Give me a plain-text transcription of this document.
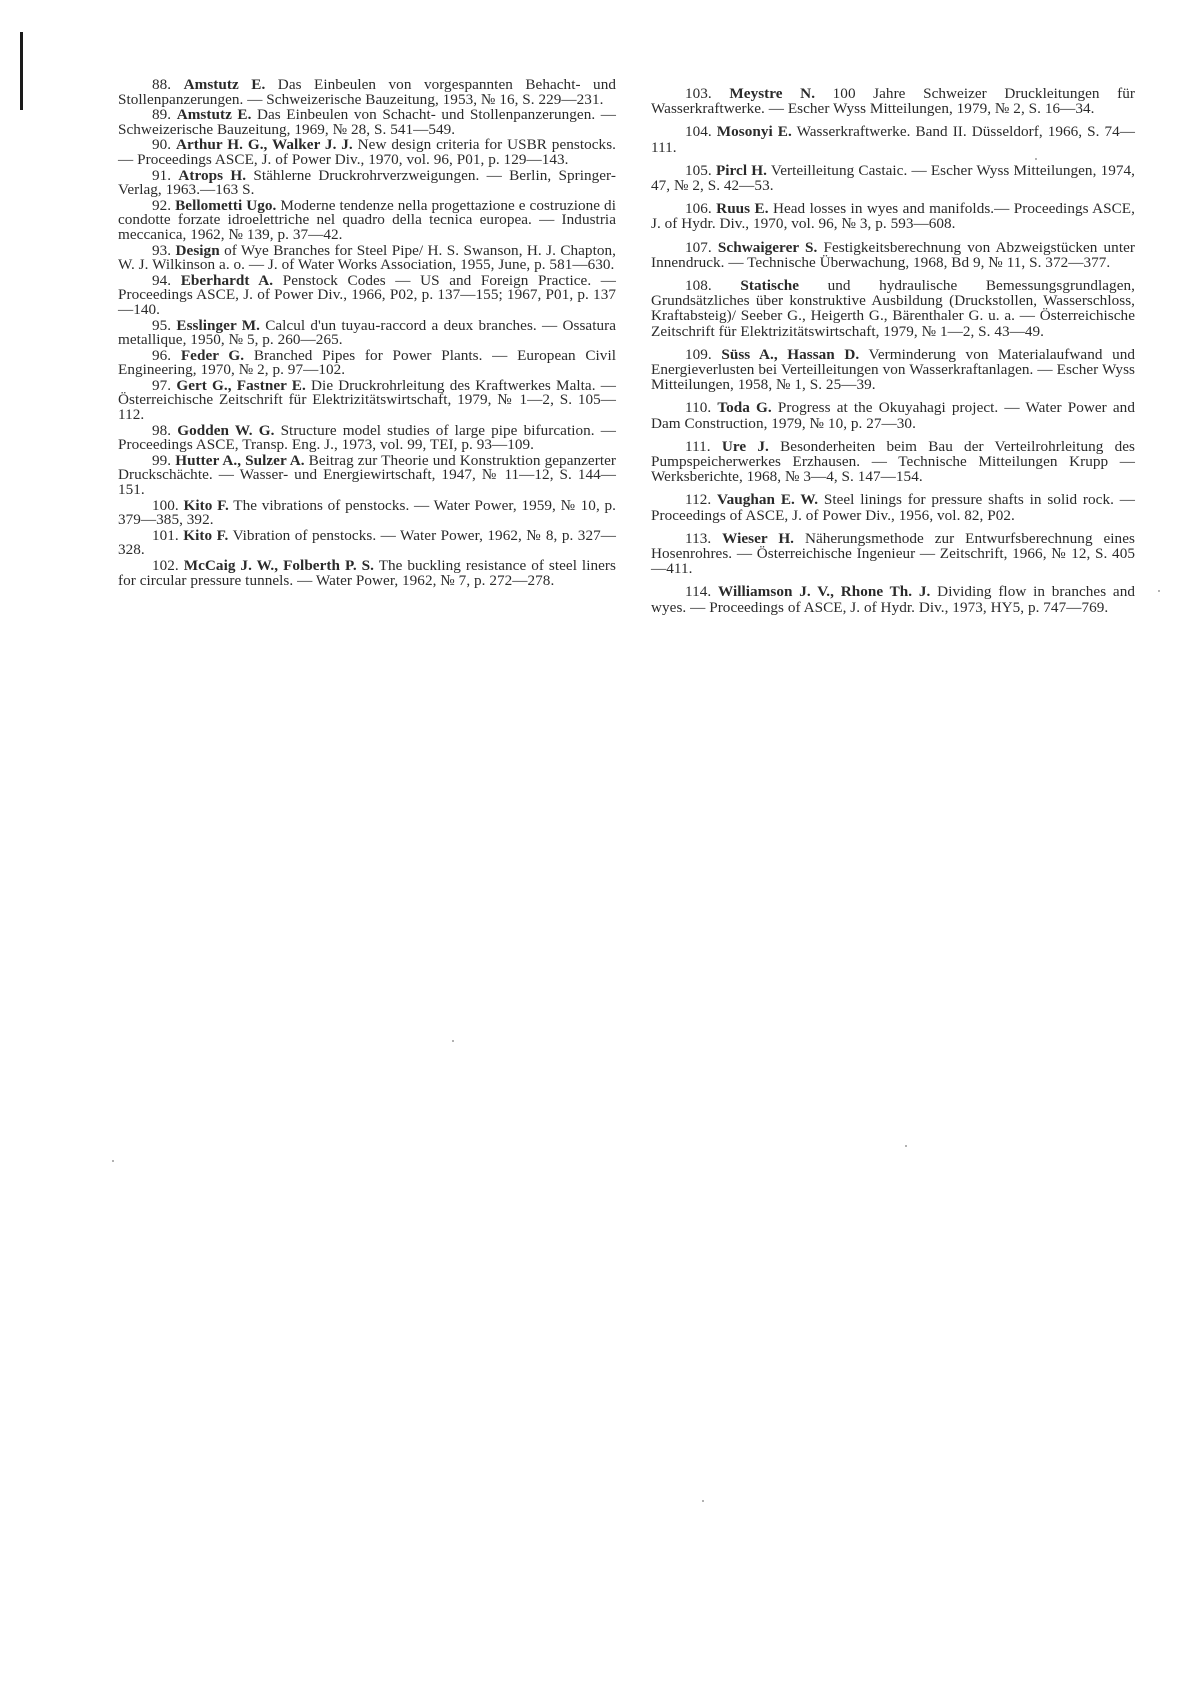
88. Amstutz E. Das Einbeulen von vorgespannten Behacht- und Stollenpanzerungen. — Schweizerische Bauzeitung, 1953, № 16, S. 229—231.

89. Amstutz E. Das Einbeulen von Schacht- und Stollenpanzerungen. — Schweizerische Bauzeitung, 1969, № 28, S. 541—549.

90. Arthur H. G., Walker J. J. New design criteria for USBR penstocks. — Proceedings ASCE, J. of Power Div., 1970, vol. 96, P01, p. 129—143.

91. Atrops H. Stählerne Druckrohrverzweigungen. — Berlin, Springer-Verlag, 1963.—163 S.

92. Bellometti Ugo. Moderne tendenze nella progettazione e costruzione di condotte forzate idroelettriche nel quadro della tecnica europea. — Industria meccanica, 1962, № 139, p. 37—42.

93. Design of Wye Branches for Steel Pipe/ H. S. Swanson, H. J. Chapton, W. J. Wilkinson a. o. — J. of Water Works Association, 1955, June, p. 581—630.

94. Eberhardt A. Penstock Codes — US and Foreign Practice. — Proceedings ASCE, J. of Power Div., 1966, P02, p. 137—155; 1967, P01, p. 137—140.

95. Esslinger M. Calcul d'un tuyau-raccord a deux branches. — Ossatura metallique, 1950, № 5, p. 260—265.

96. Feder G. Branched Pipes for Power Plants. — European Civil Engineering, 1970, № 2, p. 97—102.

97. Gert G., Fastner E. Die Druckrohrleitung des Kraftwerkes Malta. — Österreichische Zeitschrift für Elektrizitätswirtschaft, 1979, № 1—2, S. 105—112.

98. Godden W. G. Structure model studies of large pipe bifurcation. — Proceedings ASCE, Transp. Eng. J., 1973, vol. 99, TEI, p. 93—109.

99. Hutter A., Sulzer A. Beitrag zur Theorie und Konstruktion gepanzerter Druckschächte. — Wasser- und Energiewirtschaft, 1947, № 11—12, S. 144—151.

100. Kito F. The vibrations of penstocks. — Water Power, 1959, № 10, p. 379—385, 392.

101. Kito F. Vibration of penstocks. — Water Power, 1962, № 8, p. 327—328.

102. McCaig J. W., Folberth P. S. The buckling resistance of steel liners for circular pressure tunnels. — Water Power, 1962, № 7, p. 272—278.

103. Meystre N. 100 Jahre Schweizer Druckleitungen für Wasserkraftwerke. — Escher Wyss Mitteilungen, 1979, № 2, S. 16—34.

104. Mosonyi E. Wasserkraftwerke. Band II. Düsseldorf, 1966, S. 74—111.

105. Pircl H. Verteilleitung Castaic. — Escher Wyss Mitteilungen, 1974, 47, № 2, S. 42—53.

106. Ruus E. Head losses in wyes and manifolds.— Proceedings ASCE, J. of Hydr. Div., 1970, vol. 96, № 3, p. 593—608.

107. Schwaigerer S. Festigkeitsberechnung von Abzweigstücken unter Innendruck. — Technische Überwachung, 1968, Bd 9, № 11, S. 372—377.

108. Statische und hydraulische Bemessungsgrundlagen, Grundsätzliches über konstruktive Ausbildung (Druckstollen, Wasserschloss, Kraftabsteig)/ Seeber G., Heigerth G., Bärenthaler G. u. a. — Österreichische Zeitschrift für Elektrizitätswirtschaft, 1979, № 1—2, S. 43—49.

109. Süss A., Hassan D. Verminderung von Materialaufwand und Energieverlusten bei Verteilleitungen von Wasserkraftanlagen. — Escher Wyss Mitteilungen, 1958, № 1, S. 25—39.

110. Toda G. Progress at the Okuyahagi project. — Water Power and Dam Construction, 1979, № 10, p. 27—30.

111. Ure J. Besonderheiten beim Bau der Verteilrohrleitung des Pumpspeicherwerkes Erzhausen. — Technische Mitteilungen Krupp — Werksberichte, 1968, № 3—4, S. 147—154.

112. Vaughan E. W. Steel linings for pressure shafts in solid rock. — Proceedings of ASCE, J. of Power Div., 1956, vol. 82, P02.

113. Wieser H. Näherungsmethode zur Entwurfsberechnung eines Hosenrohres. — Österreichische Ingenieur — Zeitschrift, 1966, № 12, S. 405—411.

114. Williamson J. V., Rhone Th. J. Dividing flow in branches and wyes. — Proceedings of ASCE, J. of Hydr. Div., 1973, HY5, p. 747—769.
